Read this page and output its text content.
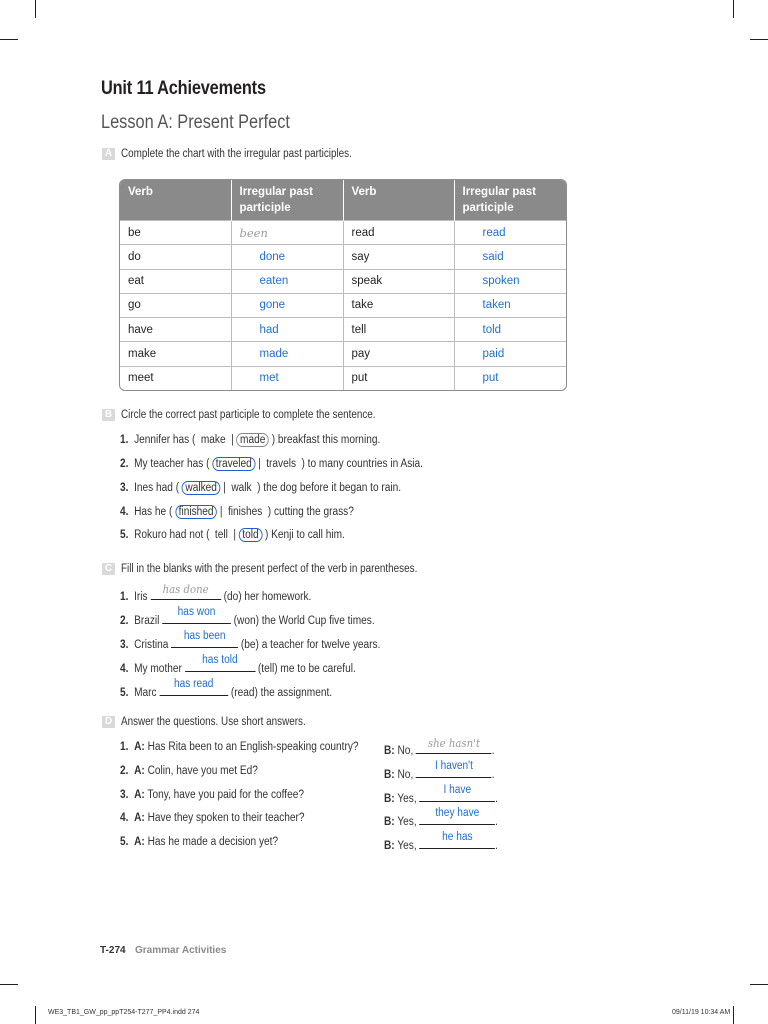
Unit 11 Achievements
Lesson A: Present Perfect
A Complete the chart with the irregular past participles.
Verb	Irregular past participle	Verb	Irregular past participle
be	been	read	read
do	done	say	said
eat	eaten	speak	spoken
go	gone	take	taken
have	had	tell	told
make	made	pay	paid
meet	met	put	put
B Circle the correct past participle to complete the sentence.
1. Jennifer has ( make | made ) breakfast this morning.
2. My teacher has ( traveled | travels ) to many countries in Asia.
3. Ines had ( walked | walk ) the dog before it began to rain.
4. Has he ( finished | finishes ) cutting the grass?
5. Rokuro had not ( tell | told ) Kenji to call him.
C Fill in the blanks with the present perfect of the verb in parentheses.
1. Iris
has done
(do) her homework.
2. Brazil
has won
(won) the World Cup five times.
3. Cristina
has been
(be) a teacher for twelve years.
4. My mother
has told
(tell) me to be careful.
5. Marc
has read
(read) the assignment.
D Answer the questions. Use short answers.
1. A: Has Rita been to an English-speaking country?	B: No,
she hasn't
.
2. A: Colin, have you met Ed?	B: No,
I haven't
.
3. A: Tony, have you paid for the coffee?	B: Yes,
I have
.
4. A: Have they spoken to their teacher?	B: Yes,
they have
.
5. A: Has he made a decision yet?	B: Yes,
he has
.
T-274 Grammar Activities
WE3_TB1_GW_pp_ppT254-T277_PP4.indd 274	09/11/19 10:34 AM
